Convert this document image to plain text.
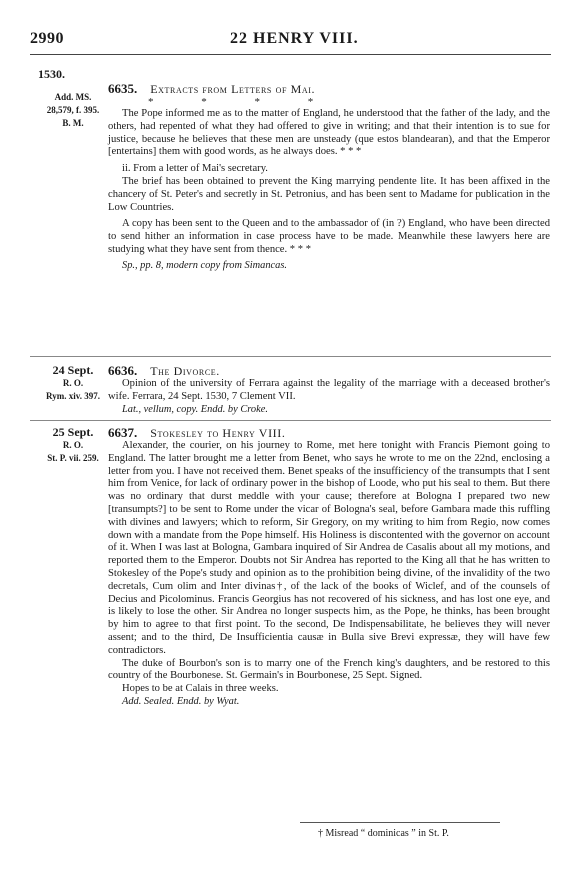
2990	22 HENRY VIII.
1530.
Add. MS.
28,579, f. 395.
B. M.
6635. Extracts from Letters of Mai.
* * * *

The Pope informed me as to the matter of England, he understood that the father of the lady, and the others, had repented of what they had offered to give in writing; and that their intention is to sue for justice, because he believes that these men are unsteady (que estos blandearan), and that the Emperor [entertains] them with good words, as he always does. * * *

ii. From a letter of Mai's secretary.

The brief has been obtained to prevent the King marrying pendente lite. It has been affixed in the chancery of St. Peter's and secretly in St. Petronius, and has been sent to Madame for publication in the Low Countries.

A copy has been sent to the Queen and to the ambassador of (in ?) England, who have been directed to send hither an information in case process have to be made. Meanwhile these lawyers here are studying what they have sent from thence. * * *

Sp., pp. 8, modern copy from Simancas.
24 Sept.
R. O.
Rym. xiv. 397.
6636. The Divorce.

Opinion of the university of Ferrara against the legality of the marriage with a deceased brother's wife. Ferrara, 24 Sept. 1530, 7 Clement VII.

Lat., vellum, copy. Endd. by Croke.
25 Sept.
R. O.
St. P. vii. 259.
6637. Stokesley to Henry VIII.

Alexander, the courier, on his journey to Rome, met here tonight with Francis Piemont going to England. The latter brought me a letter from Benet, who says he wrote to me on the 22nd, enclosing a letter from you. I have not received them. Benet speaks of the insufficiency of the transumpts that I sent him from Venice, for lack of ordinary power in the bishop of Loode, who put his seal to them. But there was no ordinary that durst meddle with your cause; therefore at Bologna I prepared two new [transumpts?] to be sent to Rome under the vicar of Bologna's seal, before Gambara made this ruffling with divines and lawyers; which to reform, Sir Gregory, on my writing to him from Regio, now comes down with a mandate from the Pope himself. His Holiness is discontented with the governor on account of it. When I was last at Bologna, Gambara inquired of Sir Andrea de Casalis about all my motions, and reported them to the Emperor. Doubts not Sir Andrea has reported to the King all that he has written to Stokesley of the Pope's study and opinion as to the prohibition being divine, of the invalidity of the two decretals, Cum olim and Inter divinas†, of the lack of the books of Wiclef, and of the counsels of Decius and Picolominus. Francis Georgius has not recovered of his sickness, and has lost one eye, and is likely to lose the other. Sir Andrea no longer suspects him, as the Pope, he thinks, has been brought by him to agree to that first point. To the second, De Indispensabilitate, he believes they will never assent; and to the third, De Insufficientia causæ in Bulla sive Brevi expressæ, they will have few contradictors.

The duke of Bourbon's son is to marry one of the French king's daughters, and be restored to this country of the Bourbonese. St. Germain's in Bourbonese, 25 Sept. Signed.

Hopes to be at Calais in three weeks.

Add. Sealed. Endd. by Wyat.
† Misread “ dominicas ” in St. P.
